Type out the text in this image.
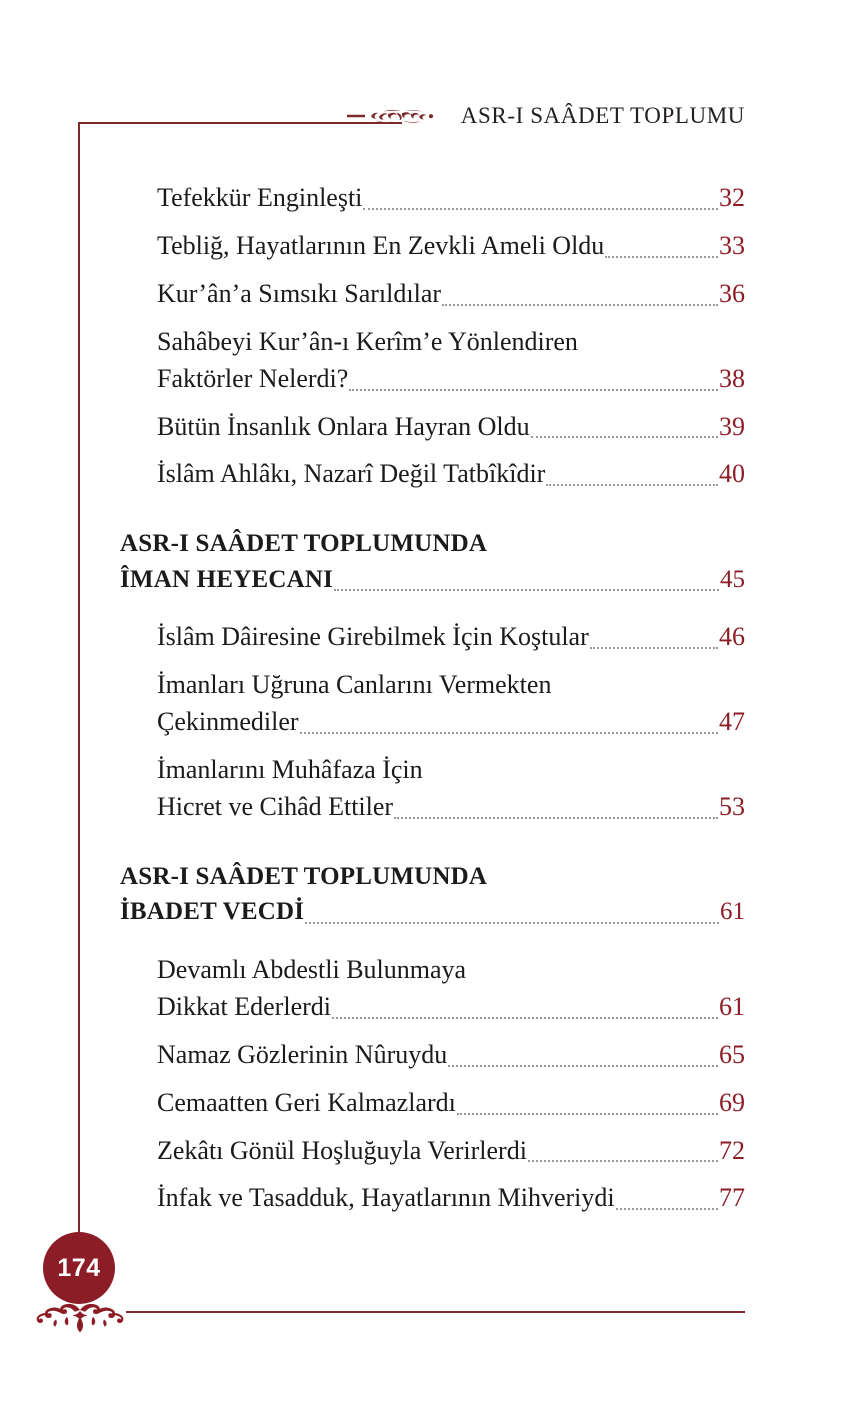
ASR-I SAÂDET TOPLUMU
Tefekkür Enginleşti	32
Tebliğ, Hayatlarının En Zevkli Ameli Oldu	33
Kur’ân’a Sımsıkı Sarıldılar	36
Sahâbeyi Kur’ân-ı Kerîm’e Yönlendiren
Faktörler Nelerdi?	38
Bütün İnsanlık Onlara Hayran Oldu	39
İslâm Ahlâkı, Nazarî Değil Tatbîkîdir	40
ASR-I SAÂDET TOPLUMUNDA
ÎMAN HEYECANI	45
İslâm Dâiresine Girebilmek İçin Koştular	46
İmanları Uğruna Canlarını Vermekten
Çekinmediler	47
İmanlarını Muhâfaza İçin
Hicret ve Cihâd Ettiler	53
ASR-I SAÂDET TOPLUMUNDA
İBADET VECDİ	61
Devamlı Abdestli Bulunmaya
Dikkat Ederlerdi	61
Namaz Gözlerinin Nûruydu	65
Cemaatten Geri Kalmazlardı	69
Zekâtı Gönül Hoşluğuyla Verirlerdi	72
İnfak ve Tasadduk, Hayatlarının Mihveriydi	77
174
